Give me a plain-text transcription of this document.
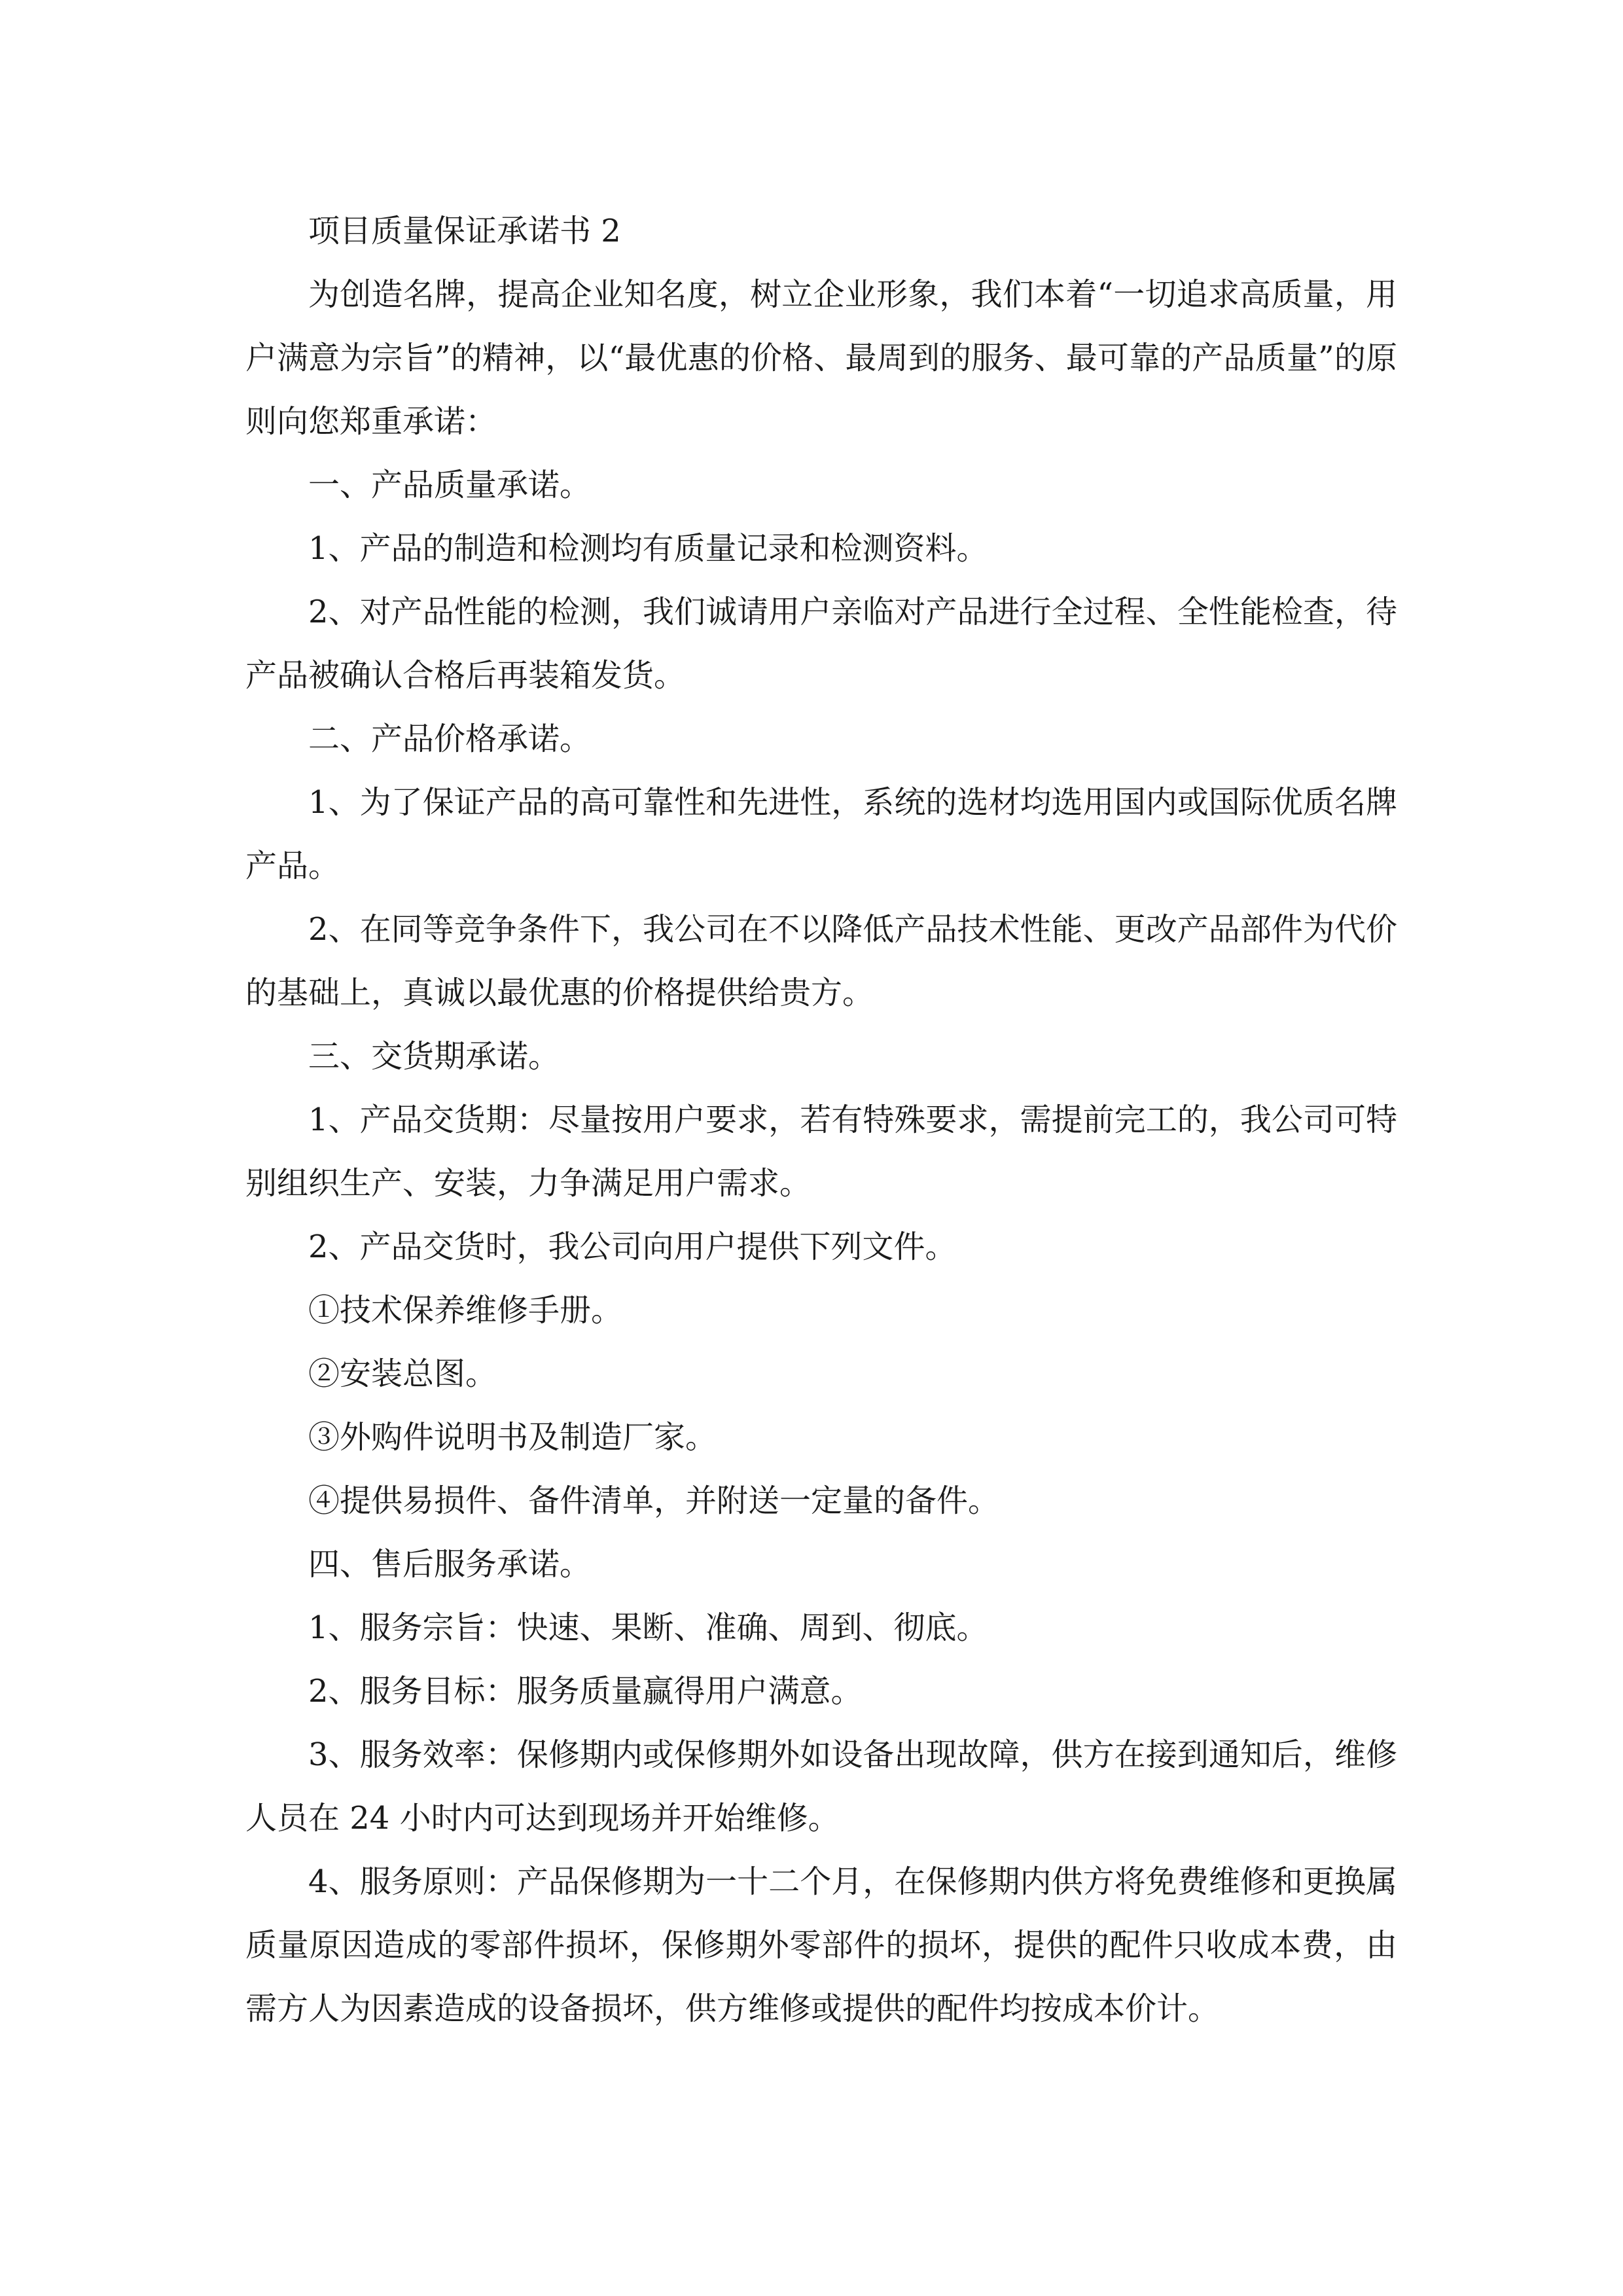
项目质量保证承诺书 2

为创造名牌，提高企业知名度，树立企业形象，我们本着“一切追求高质量，用户满意为宗旨”的精神，以“最优惠的价格、最周到的服务、最可靠的产品质量”的原则向您郑重承诺：

一、产品质量承诺。

1、产品的制造和检测均有质量记录和检测资料。

2、对产品性能的检测，我们诚请用户亲临对产品进行全过程、全性能检查，待产品被确认合格后再装箱发货。

二、产品价格承诺。

1、为了保证产品的高可靠性和先进性，系统的选材均选用国内或国际优质名牌产品。

2、在同等竞争条件下，我公司在不以降低产品技术性能、更改产品部件为代价的基础上，真诚以最优惠的价格提供给贵方。

三、交货期承诺。

1、产品交货期：尽量按用户要求，若有特殊要求，需提前完工的，我公司可特别组织生产、安装，力争满足用户需求。

2、产品交货时，我公司向用户提供下列文件。

①技术保养维修手册。

②安装总图。

③外购件说明书及制造厂家。

④提供易损件、备件清单，并附送一定量的备件。

四、售后服务承诺。

1、服务宗旨：快速、果断、准确、周到、彻底。

2、服务目标：服务质量赢得用户满意。

3、服务效率：保修期内或保修期外如设备出现故障，供方在接到通知后，维修人员在 24 小时内可达到现场并开始维修。

4、服务原则：产品保修期为一十二个月，在保修期内供方将免费维修和更换属质量原因造成的零部件损坏，保修期外零部件的损坏，提供的配件只收成本费，由需方人为因素造成的设备损坏，供方维修或提供的配件均按成本价计。
